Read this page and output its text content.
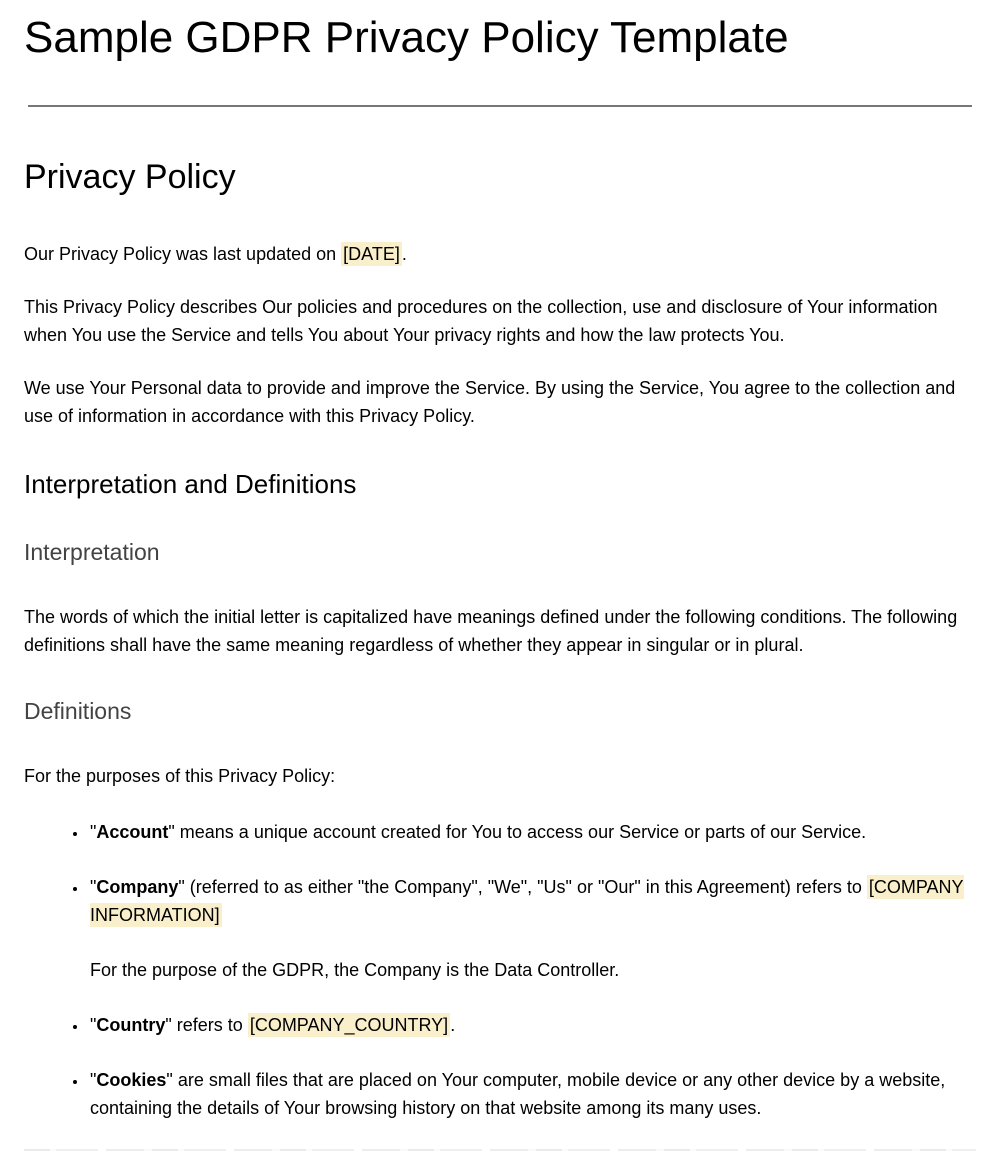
Sample GDPR Privacy Policy Template
Privacy Policy

Our Privacy Policy was last updated on [DATE] .

This Privacy Policy describes Our policies and procedures on the collection, use and disclosure of Your information when You use the Service and tells You about Your privacy rights and how the law protects You.

We use Your Personal data to provide and improve the Service. By using the Service, You agree to the collection and use of information in accordance with this Privacy Policy.

Interpretation and Definitions
Interpretation

The words of which the initial letter is capitalized have meanings defined under the following conditions. The following definitions shall have the same meaning regardless of whether they appear in singular or in plural.

Definitions

For the purposes of this Privacy Policy:

• "Account" means a unique account created for You to access our Service or parts of our Service.
• "Company" (referred to as either "the Company", "We", "Us" or "Our" in this Agreement) refers to [COMPANY INFORMATION]

For the purpose of the GDPR, the Company is the Data Controller.

• "Country" refers to [COMPANY_COUNTRY] .
• "Cookies" are small files that are placed on Your computer, mobile device or any other device by a website, containing the details of Your browsing history on that website among its many uses.
